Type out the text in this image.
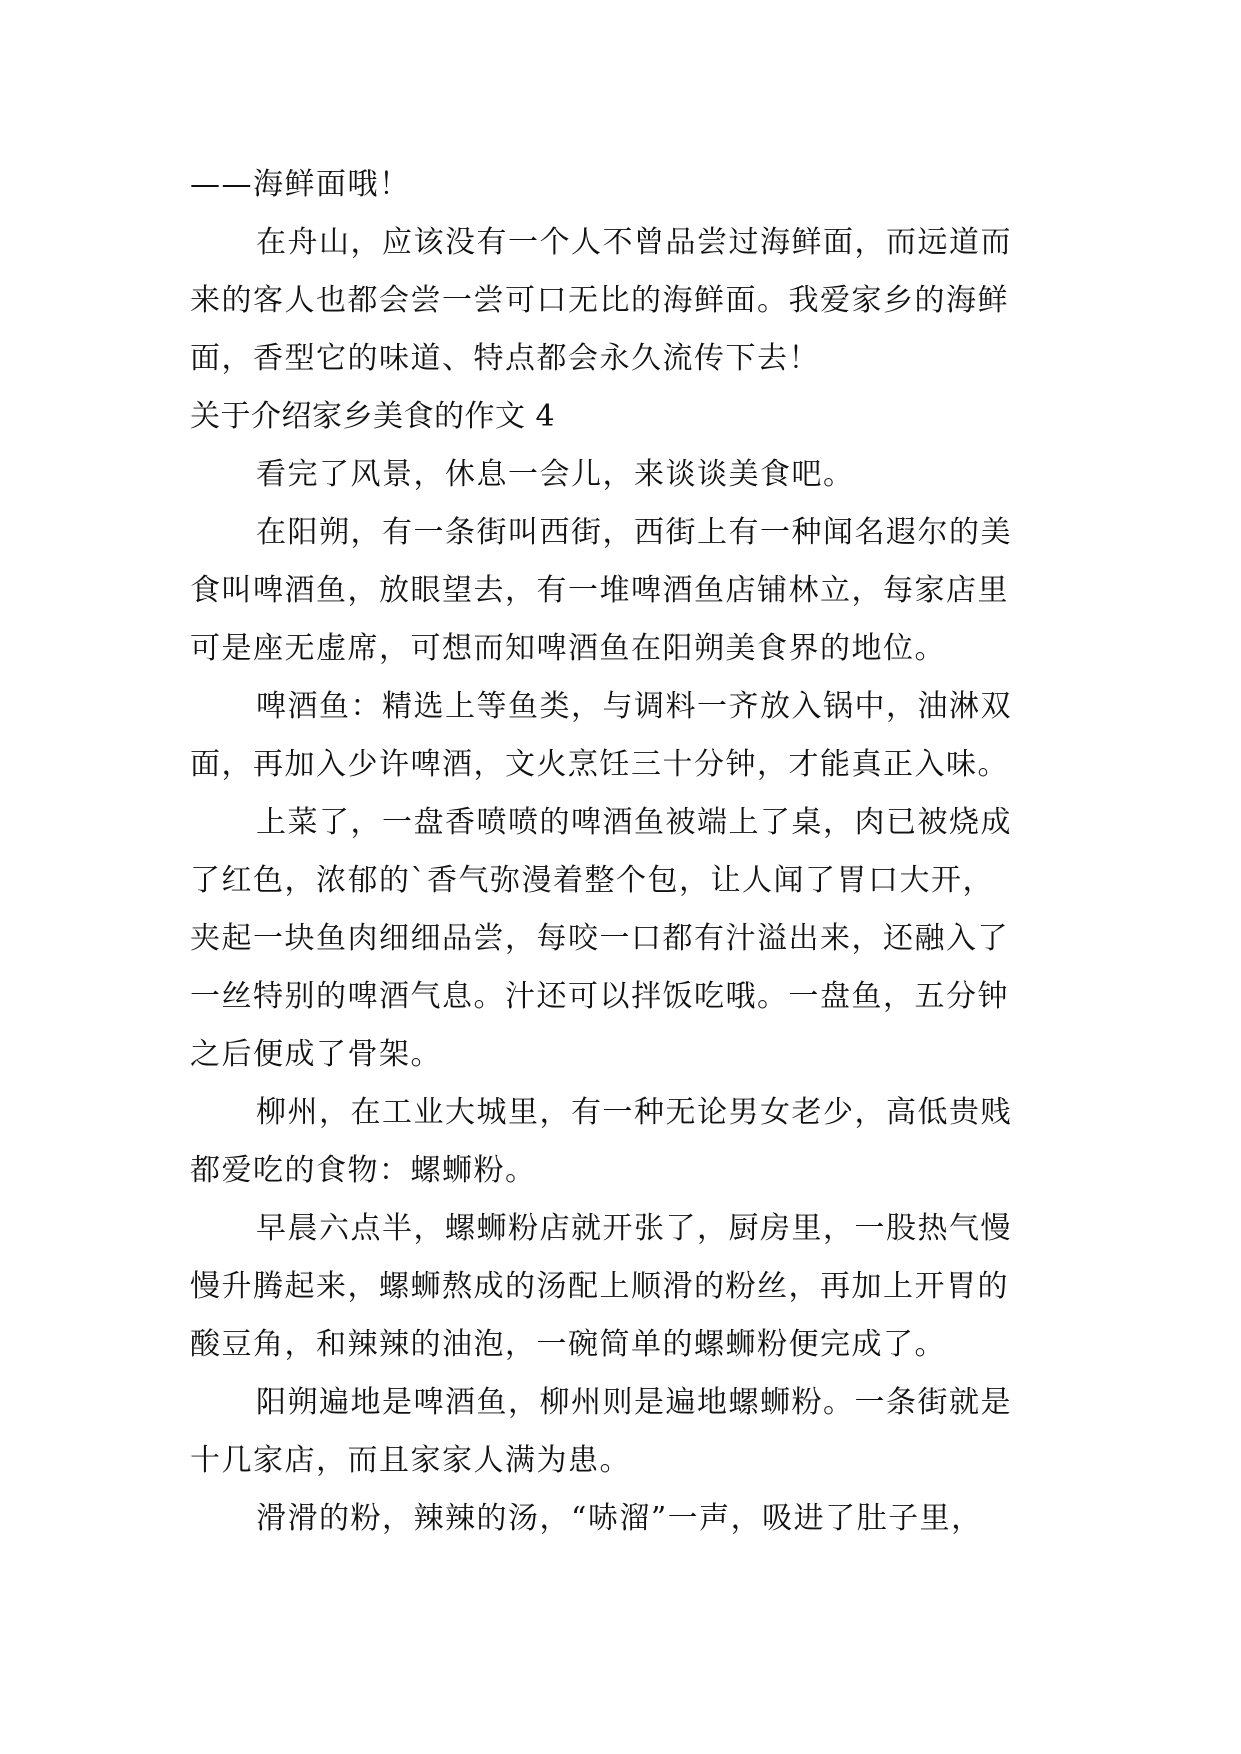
——海鲜面哦！
在舟山，应该没有一个人不曾品尝过海鲜面，而远道而
来的客人也都会尝一尝可口无比的海鲜面。我爱家乡的海鲜
面，香型它的味道、特点都会永久流传下去！
关于介绍家乡美食的作文 4
看完了风景，休息一会儿，来谈谈美食吧。
在阳朔，有一条街叫西街，西街上有一种闻名遐尔的美
食叫啤酒鱼，放眼望去，有一堆啤酒鱼店铺林立，每家店里
可是座无虚席，可想而知啤酒鱼在阳朔美食界的地位。
啤酒鱼：精选上等鱼类，与调料一齐放入锅中，油淋双
面，再加入少许啤酒，文火烹饪三十分钟，才能真正入味。
上菜了，一盘香喷喷的啤酒鱼被端上了桌，肉已被烧成
了红色，浓郁的`香气弥漫着整个包，让人闻了胃口大开，
夹起一块鱼肉细细品尝，每咬一口都有汁溢出来，还融入了
一丝特别的啤酒气息。汁还可以拌饭吃哦。一盘鱼，五分钟
之后便成了骨架。
柳州，在工业大城里，有一种无论男女老少，高低贵贱
都爱吃的食物：螺蛳粉。
早晨六点半，螺蛳粉店就开张了，厨房里，一股热气慢
慢升腾起来，螺蛳熬成的汤配上顺滑的粉丝，再加上开胃的
酸豆角，和辣辣的油泡，一碗简单的螺蛳粉便完成了。
阳朔遍地是啤酒鱼，柳州则是遍地螺蛳粉。一条街就是
十几家店，而且家家人满为患。
滑滑的粉，辣辣的汤，“哧溜”一声，吸进了肚子里，
